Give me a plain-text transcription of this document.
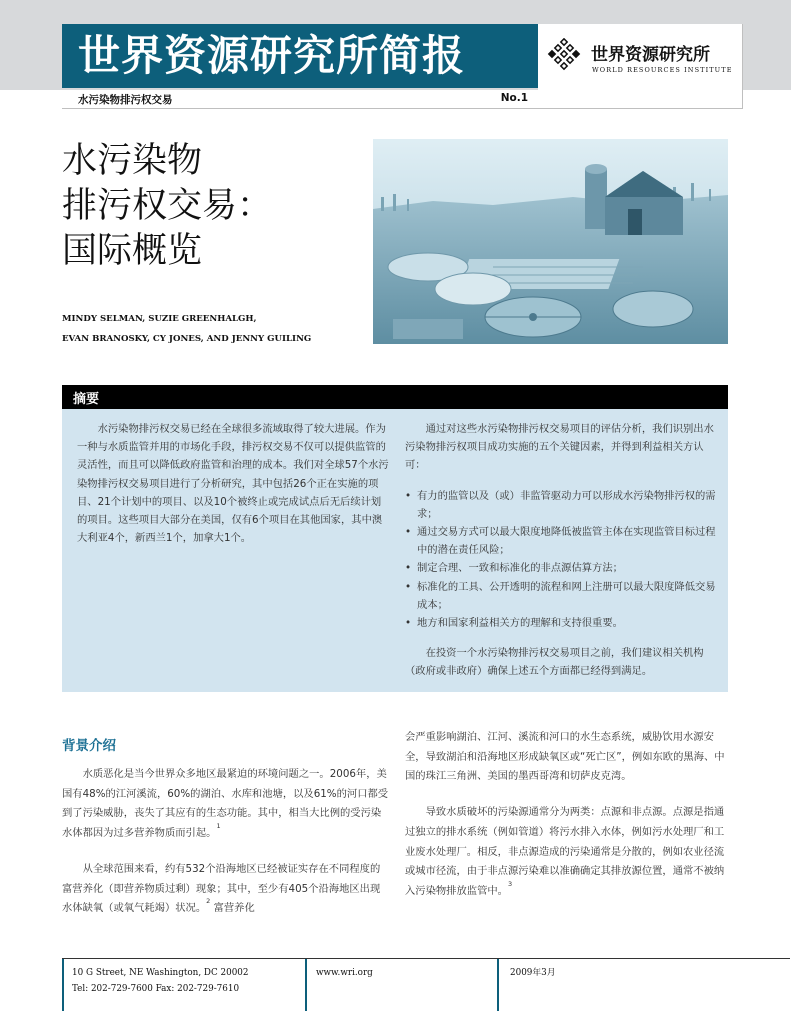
世界资源研究所简报	世界资源研究所
WORLD RESOURCES INSTITUTE
水污染物排污权交易	No.1
水污染物
排污权交易：
国际概览
MINDY SELMAN, SUZIE GREENHALGH,
EVAN BRANOSKY, CY JONES, AND JENNY GUILING
摘要

水污染物排污权交易已经在全球很多流域取得了较大进展。作为一种与水质监管并用的市场化手段，排污权交易不仅可以提供监管的灵活性，而且可以降低政府监管和治理的成本。我们对全球57个水污染物排污权交易项目进行了分析研究，其中包括26个正在实施的项目、21个计划中的项目、以及10个被终止或完成试点后无后续计划的项目。这些项目大部分在美国，仅有6个项目在其他国家，其中澳大利亚4个，新西兰1个，加拿大1个。

通过对这些水污染物排污权交易项目的评估分析，我们识别出水污染物排污权项目成功实施的五个关键因素，并得到利益相关方认可：

• 有力的监管以及（或）非监管驱动力可以形成水污染物排污权的需求；
• 通过交易方式可以最大限度地降低被监管主体在实现监管目标过程中的潜在责任风险；
• 制定合理、一致和标准化的非点源估算方法；
• 标准化的工具、公开透明的流程和网上注册可以最大限度降低交易成本；
• 地方和国家利益相关方的理解和支持很重要。

在投资一个水污染物排污权交易项目之前，我们建议相关机构（政府或非政府）确保上述五个方面都已经得到满足。

背景介绍

水质恶化是当今世界众多地区最紧迫的环境问题之一。2006年，美国有48%的江河溪流，60%的湖泊、水库和池塘，以及61%的河口都受到了污染威胁，丧失了其应有的生态功能。其中，相当大比例的受污染水体都因为过多营养物质而引起。$^1$

从全球范围来看，约有532个沿海地区已经被证实存在不同程度的富营养化（即营养物质过剩）现象；其中，至少有405个沿海地区出现水体缺氧（或氧气耗竭）状况。$^2$ 富营养化

会严重影响湖泊、江河、溪流和河口的水生态系统，威胁饮用水源安全，导致湖泊和沿海地区形成缺氧区或“死亡区”，例如东欧的黑海、中国的珠江三角洲、美国的墨西哥湾和切萨皮克湾。

导致水质破坏的污染源通常分为两类：点源和非点源。点源是指通过独立的排水系统（例如管道）将污水排入水体，例如污水处理厂和工业废水处理厂。相反，非点源造成的污染通常是分散的，例如农业径流或城市径流，由于非点源污染难以准确确定其排放源位置，通常不被纳入污染物排放监管中。$^3$

10 G Street, NE Washington, DC 20002
Tel: 202-729-7600 Fax: 202-729-7610
www.wri.org	2009年3月
